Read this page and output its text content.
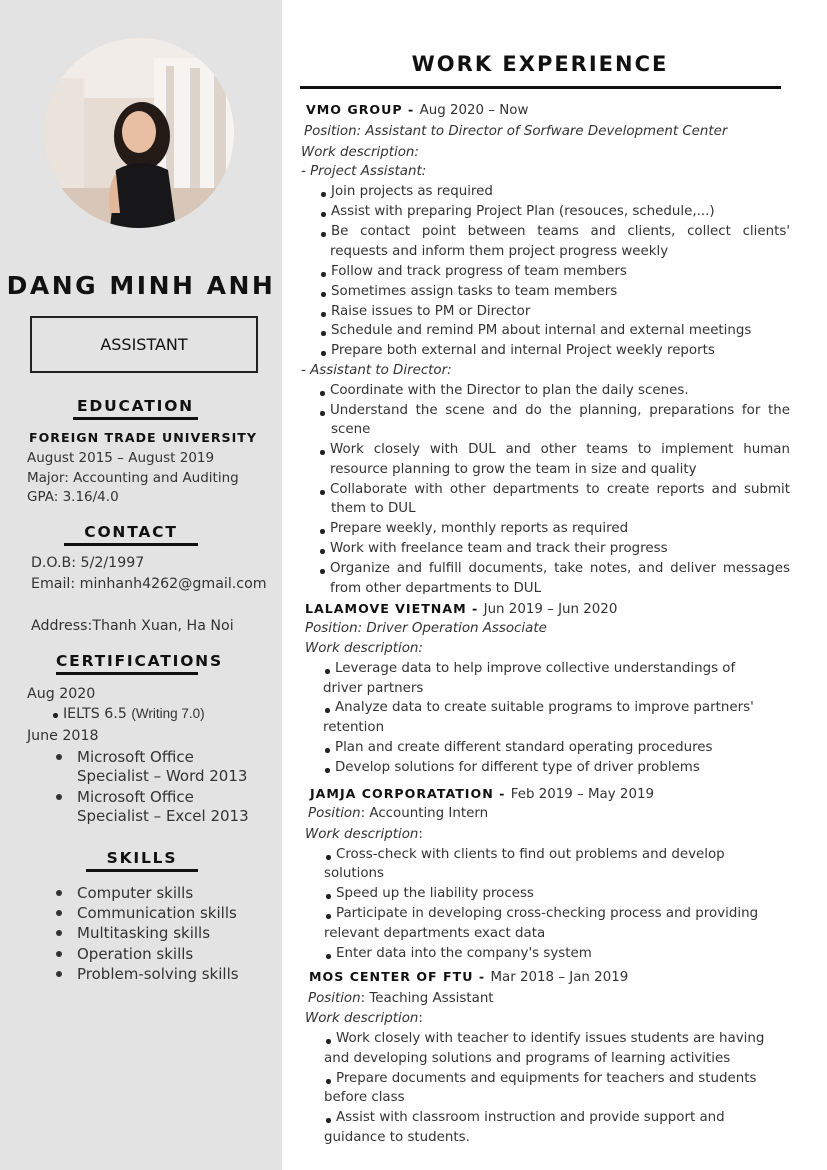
DANG MINH ANH
ASSISTANT
EDUCATION
FOREIGN TRADE UNIVERSITY
August 2015 – August 2019
Major: Accounting and Auditing
GPA: 3.16/4.0
CONTACT
D.O.B: 5/2/1997
Email: minhanh4262@gmail.com
Address:Thanh Xuan, Ha Noi
CERTIFICATIONS
Aug 2020
IELTS 6.5 (Writing 7.0)
June 2018
Microsoft Office
Specialist – Word 2013
Microsoft Office
Specialist – Excel 2013
SKILLS
Computer skills
Communication skills
Multitasking skills
Operation skills
Problem-solving skills
WORK EXPERIENCE
VMO GROUP - Aug 2020 – Now
Position: Assistant to Director of Sorfware Development Center
Work description:
- Project Assistant:
Join projects as required
Assist with preparing Project Plan (resouces, schedule,...)
Be contact point between teams and clients, collect clients'
requests and inform them project progress weekly
Follow and track progress of team members
Sometimes assign tasks to team members
Raise issues to PM or Director
Schedule and remind PM about internal and external meetings
Prepare both external and internal Project weekly reports
- Assistant to Director:
Coordinate with the Director to plan the daily scenes.
Understand the scene and do the planning, preparations for the
scene
Work closely with DUL and other teams to implement human
resource planning to grow the team in size and quality
Collaborate with other departments to create reports and submit
them to DUL
Prepare weekly, monthly reports as required
Work with freelance team and track their progress
Organize and fulfill documents, take notes, and deliver messages
from other departments to DUL
LALAMOVE VIETNAM - Jun 2019 – Jun 2020
Position: Driver Operation Associate
Work description:
Leverage data to help improve collective understandings of
driver partners
Analyze data to create suitable programs to improve partners'
retention
Plan and create different standard operating procedures
Develop solutions for different type of driver problems
JAMJA CORPORATATION - Feb 2019 – May 2019
Position: Accounting Intern
Work description:
Cross-check with clients to find out problems and develop
solutions
Speed up the liability process
Participate in developing cross-checking process and providing
relevant departments exact data
Enter data into the company's system
MOS CENTER OF FTU - Mar 2018 – Jan 2019
Position: Teaching Assistant
Work description:
Work closely with teacher to identify issues students are having
and developing solutions and programs of learning activities
Prepare documents and equipments for teachers and students
before class
Assist with classroom instruction and provide support and
guidance to students.
